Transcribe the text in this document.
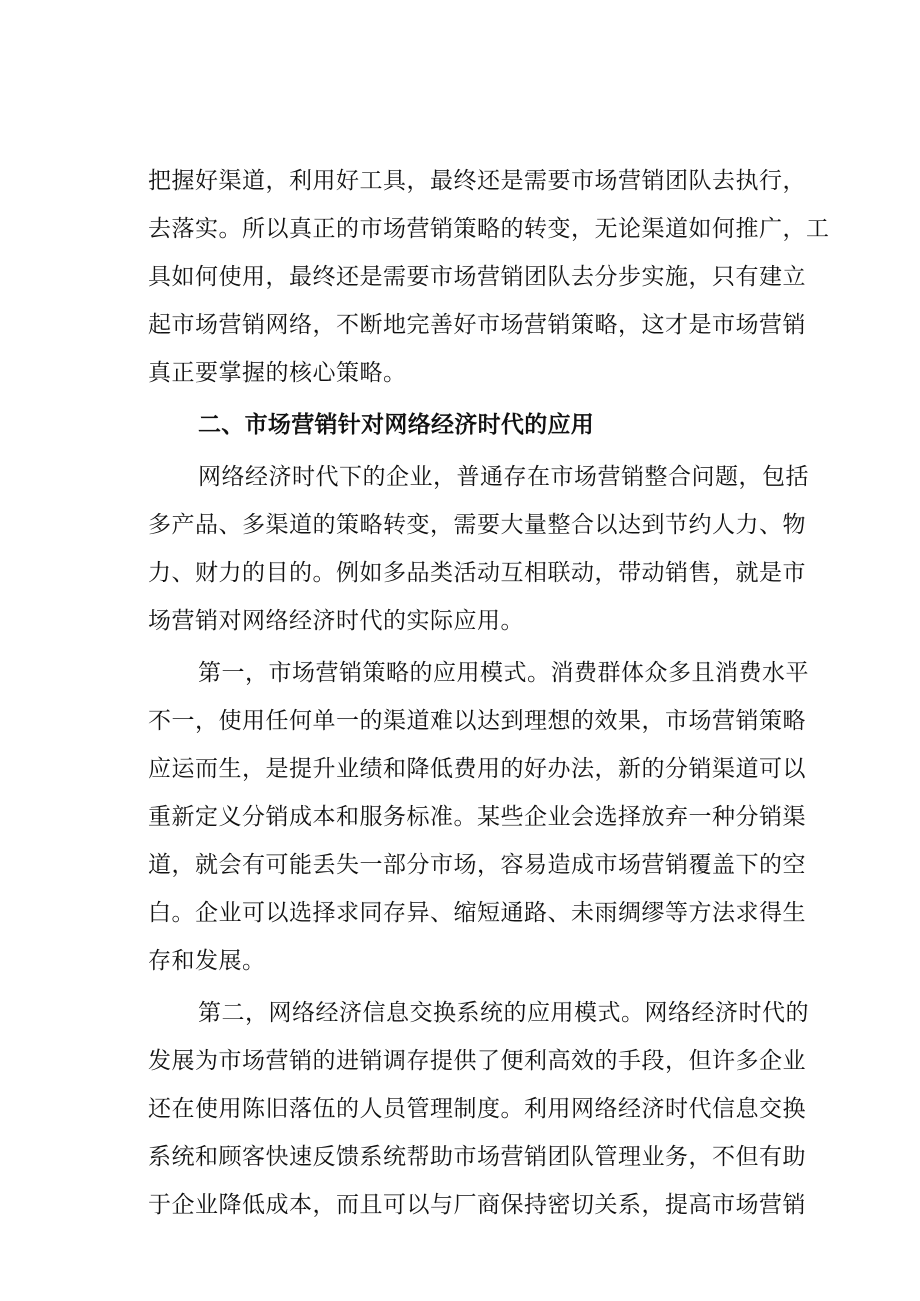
把握好渠道，利用好工具，最终还是需要市场营销团队去执行，
去落实。所以真正的市场营销策略的转变，无论渠道如何推广，工
具如何使用，最终还是需要市场营销团队去分步实施，只有建立
起市场营销网络，不断地完善好市场营销策略，这才是市场营销
真正要掌握的核心策略。
二、市场营销针对网络经济时代的应用
网络经济时代下的企业，普通存在市场营销整合问题，包括
多产品、多渠道的策略转变，需要大量整合以达到节约人力、物
力、财力的目的。例如多品类活动互相联动，带动销售，就是市
场营销对网络经济时代的实际应用。
第一，市场营销策略的应用模式。消费群体众多且消费水平
不一，使用任何单一的渠道难以达到理想的效果，市场营销策略
应运而生，是提升业绩和降低费用的好办法，新的分销渠道可以
重新定义分销成本和服务标准。某些企业会选择放弃一种分销渠
道，就会有可能丢失一部分市场，容易造成市场营销覆盖下的空
白。企业可以选择求同存异、缩短通路、未雨绸缪等方法求得生
存和发展。
第二，网络经济信息交换系统的应用模式。网络经济时代的
发展为市场营销的进销调存提供了便利高效的手段，但许多企业
还在使用陈旧落伍的人员管理制度。利用网络经济时代信息交换
系统和顾客快速反馈系统帮助市场营销团队管理业务，不但有助
于企业降低成本，而且可以与厂商保持密切关系，提高市场营销
